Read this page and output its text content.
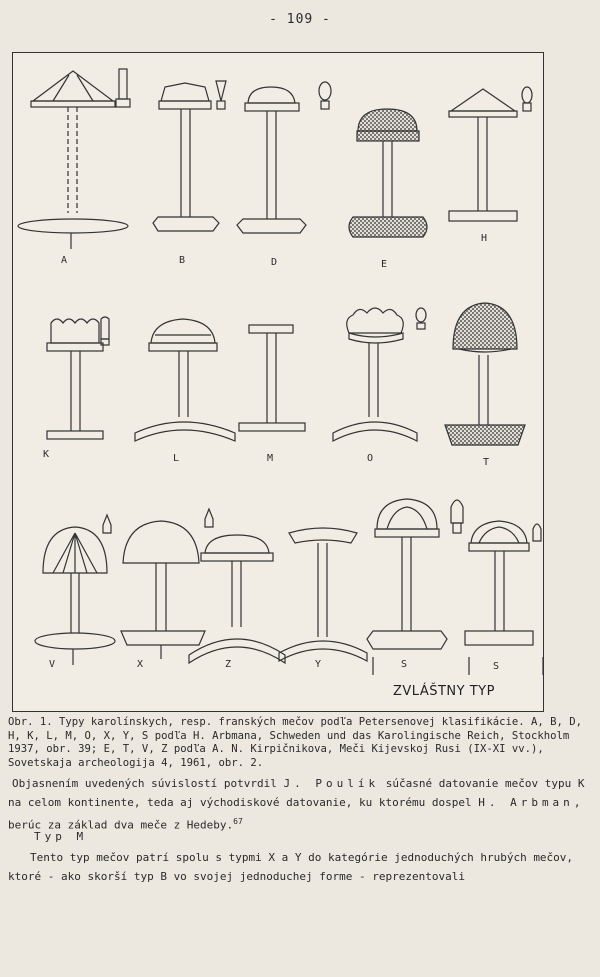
- 109 -
A	B	D	E
H
K	L	M	O	T
V	X	Z	Y	S	S
ZVLÁŠTNY TYP
Obr. 1. Typy karolínskych, resp. franských mečov podľa Petersenovej klasifikácie. A, B, D, H, K, L, M, O, X, Y, S podľa H. Arbmana, Schweden und das Karolingische Reich, Stockholm 1937, obr. 39; E, T, V, Z podľa A. N. Kirpičnikova, Meči Kijevskoj Rusi (IX-XI vv.), Sovetskaja archeologija 4, 1961, obr. 2.
Objasnením uvedených súvislostí potvrdil J. Poulík súčasné datovanie mečov typu K na celom kontinente, teda aj východiskové datovanie, ku ktorému dospel H. Arbman, berúc za základ dva meče z Hedeby.$^{67}$
Typ M
Tento typ mečov patrí spolu s typmi X a Y do kategórie jednoduchých hrubých mečov, ktoré - ako skorší typ B vo svojej jednoduchej forme - reprezentovali
